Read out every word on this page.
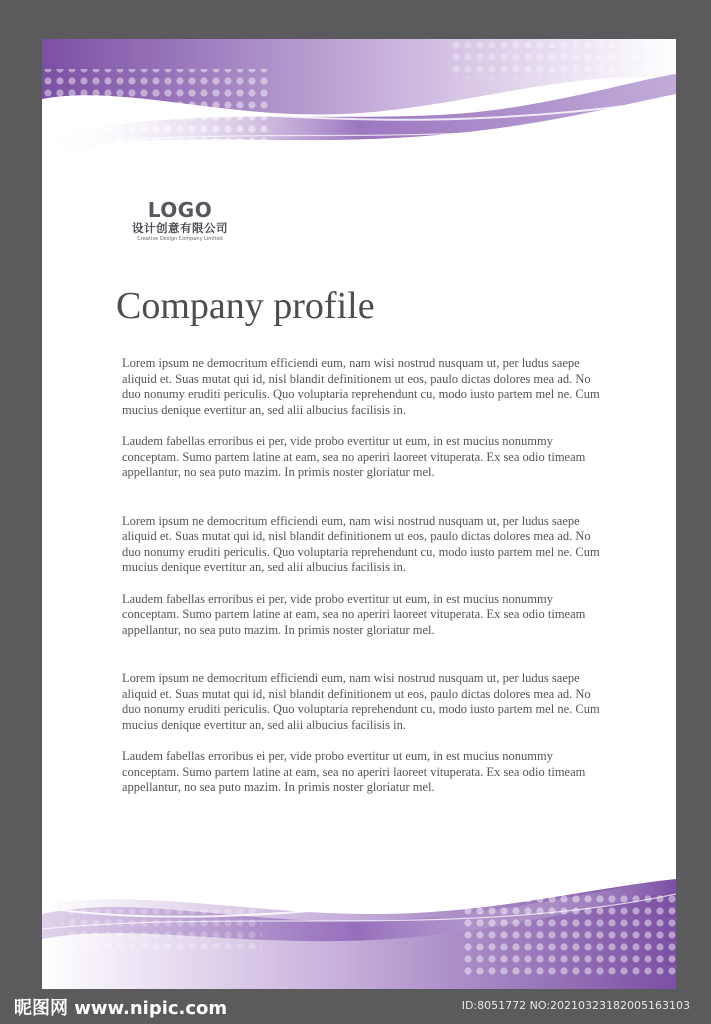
LOGO
设计创意有限公司
Creative Design Company Limited
Company profile

Lorem ipsum ne democritum efficiendi eum, nam wisi nostrud nusquam ut, per ludus saepe aliquid et. Suas mutat qui id, nisl blandit definitionem ut eos, paulo dictas dolores mea ad. No duo nonumy eruditi periculis. Quo voluptaria reprehendunt cu, modo iusto partem mel ne. Cum mucius denique evertitur an, sed alii albucius facilisis in.

Laudem fabellas erroribus ei per, vide probo evertitur ut eum, in est mucius nonummy conceptam. Sumo partem latine at eam, sea no aperiri laoreet vituperata. Ex sea odio timeam appellantur, no sea puto mazim. In primis noster gloriatur mel.

Lorem ipsum ne democritum efficiendi eum, nam wisi nostrud nusquam ut, per ludus saepe aliquid et. Suas mutat qui id, nisl blandit definitionem ut eos, paulo dictas dolores mea ad. No duo nonumy eruditi periculis. Quo voluptaria reprehendunt cu, modo iusto partem mel ne. Cum mucius denique evertitur an, sed alii albucius facilisis in.

Laudem fabellas erroribus ei per, vide probo evertitur ut eum, in est mucius nonummy conceptam. Sumo partem latine at eam, sea no aperiri laoreet vituperata. Ex sea odio timeam appellantur, no sea puto mazim. In primis noster gloriatur mel.

Lorem ipsum ne democritum efficiendi eum, nam wisi nostrud nusquam ut, per ludus saepe aliquid et. Suas mutat qui id, nisl blandit definitionem ut eos, paulo dictas dolores mea ad. No duo nonumy eruditi periculis. Quo voluptaria reprehendunt cu, modo iusto partem mel ne. Cum mucius denique evertitur an, sed alii albucius facilisis in.

Laudem fabellas erroribus ei per, vide probo evertitur ut eum, in est mucius nonummy conceptam. Sumo partem latine at eam, sea no aperiri laoreet vituperata. Ex sea odio timeam appellantur, no sea puto mazim. In primis noster gloriatur mel.

昵图网 www.nipic.com	ID:8051772 NO:20210323182005163103
